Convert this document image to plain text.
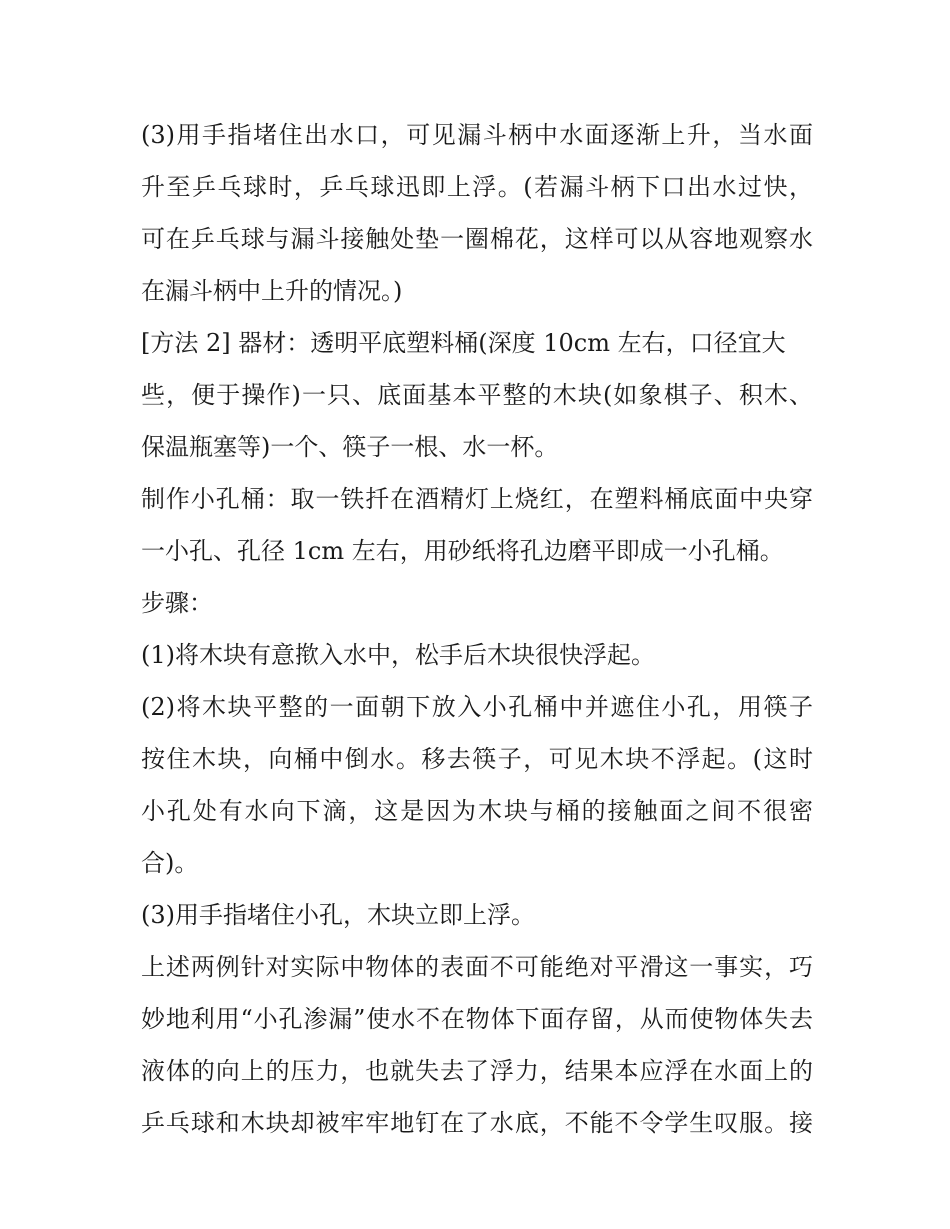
(3)用手指堵住出水口，可见漏斗柄中水面逐渐上升，当水面
升至乒乓球时，乒乓球迅即上浮。(若漏斗柄下口出水过快，
可在乒乓球与漏斗接触处垫一圈棉花，这样可以从容地观察水
在漏斗柄中上升的情况。)
[方法 2] 器材：透明平底塑料桶(深度 10cm 左右，口径宜大
些，便于操作)一只、底面基本平整的木块(如象棋子、积木、
保温瓶塞等)一个、筷子一根、水一杯。
制作小孔桶：取一铁扦在酒精灯上烧红，在塑料桶底面中央穿
一小孔、孔径 1cm 左右，用砂纸将孔边磨平即成一小孔桶。
步骤：
(1)将木块有意揿入水中，松手后木块很快浮起。
(2)将木块平整的一面朝下放入小孔桶中并遮住小孔，用筷子
按住木块，向桶中倒水。移去筷子，可见木块不浮起。(这时
小孔处有水向下滴，这是因为木块与桶的接触面之间不很密
合)。
(3)用手指堵住小孔，木块立即上浮。
上述两例针对实际中物体的表面不可能绝对平滑这一事实，巧
妙地利用“小孔渗漏”使水不在物体下面存留，从而使物体失去
液体的向上的压力，也就失去了浮力，结果本应浮在水面上的
乒乓球和木块却被牢牢地钉在了水底，不能不令学生叹服。接
